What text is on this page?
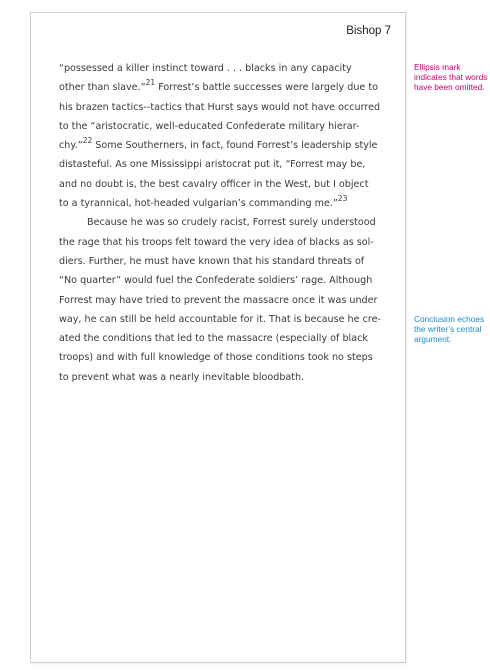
Bishop 7
“possessed a killer instinct toward . . . blacks in any capacity
other than slave.”$^{21}$ Forrest’s battle successes were largely due to
his brazen tactics--tactics that Hurst says would not have occurred
to the “aristocratic, well-educated Confederate military hierar-
chy.”$^{22}$ Some Southerners, in fact, found Forrest’s leadership style
distasteful. As one Mississippi aristocrat put it, “Forrest may be,
and no doubt is, the best cavalry officer in the West, but I object
to a tyrannical, hot-headed vulgarian’s commanding me.”$^{23}$
Because he was so crudely racist, Forrest surely understood
the rage that his troops felt toward the very idea of blacks as sol-
diers. Further, he must have known that his standard threats of
“No quarter” would fuel the Confederate soldiers’ rage. Although
Forrest may have tried to prevent the massacre once it was under
way, he can still be held accountable for it. That is because he cre-
ated the conditions that led to the massacre (especially of black
troops) and with full knowledge of those conditions took no steps
to prevent what was a nearly inevitable bloodbath.
Ellipsis mark indicates that words have been omitted.
Conclusion echoes the writer’s central argument.
